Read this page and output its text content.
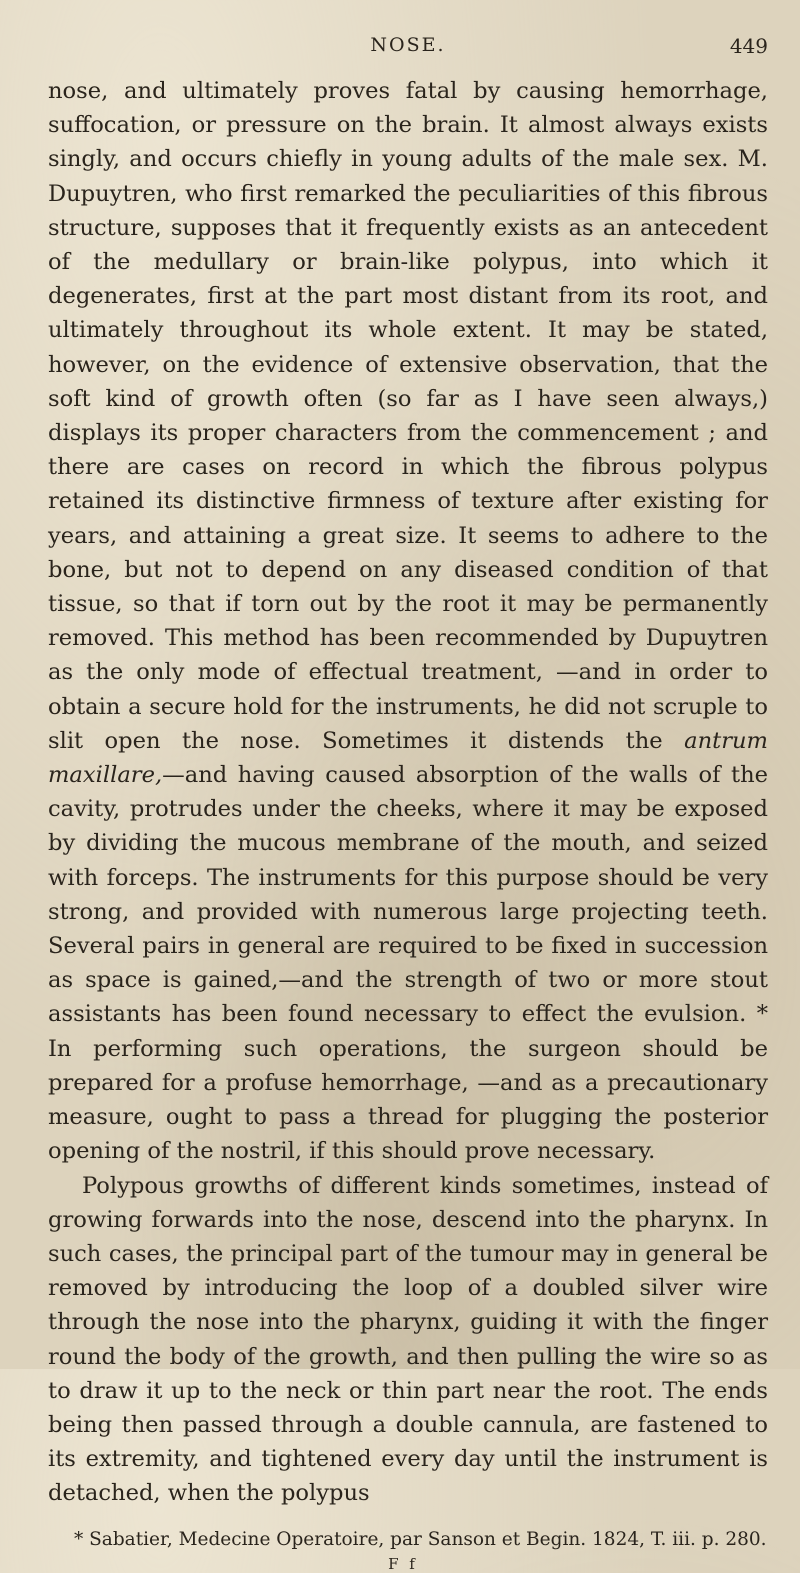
NOSE.	449

nose, and ultimately proves fatal by causing hemorrhage, suffocation, or pressure on the brain. It almost always exists singly, and occurs chiefly in young adults of the male sex. M. Dupuytren, who first remarked the peculiarities of this fibrous structure, supposes that it frequently exists as an antecedent of the medullary or brain-like polypus, into which it degenerates, first at the part most distant from its root, and ultimately throughout its whole extent. It may be stated, however, on the evidence of extensive observation, that the soft kind of growth often (so far as I have seen always,) displays its proper characters from the commencement ; and there are cases on record in which the fibrous polypus retained its distinctive firmness of texture after existing for years, and attaining a great size. It seems to adhere to the bone, but not to depend on any diseased condition of that tissue, so that if torn out by the root it may be permanently removed. This method has been recommended by Dupuytren as the only mode of effectual treatment, —and in order to obtain a secure hold for the instruments, he did not scruple to slit open the nose. Sometimes it distends the antrum maxillare,—and having caused absorption of the walls of the cavity, protrudes under the cheeks, where it may be exposed by dividing the mucous membrane of the mouth, and seized with forceps. The instruments for this purpose should be very strong, and provided with numerous large projecting teeth. Several pairs in general are required to be fixed in succession as space is gained,—and the strength of two or more stout assistants has been found necessary to effect the evulsion. * In performing such operations, the surgeon should be prepared for a profuse hemorrhage, —and as a precautionary measure, ought to pass a thread for plugging the posterior opening of the nostril, if this should prove necessary.

Polypous growths of different kinds sometimes, instead of growing forwards into the nose, descend into the pharynx. In such cases, the principal part of the tumour may in general be removed by introducing the loop of a doubled silver wire through the nose into the pharynx, guiding it with the finger round the body of the growth, and then pulling the wire so as to draw it up to the neck or thin part near the root. The ends being then passed through a double cannula, are fastened to its extremity, and tightened every day until the instrument is detached, when the polypus

* Sabatier, Medecine Operatoire, par Sanson et Begin. 1824, T. iii. p. 280.
F f
